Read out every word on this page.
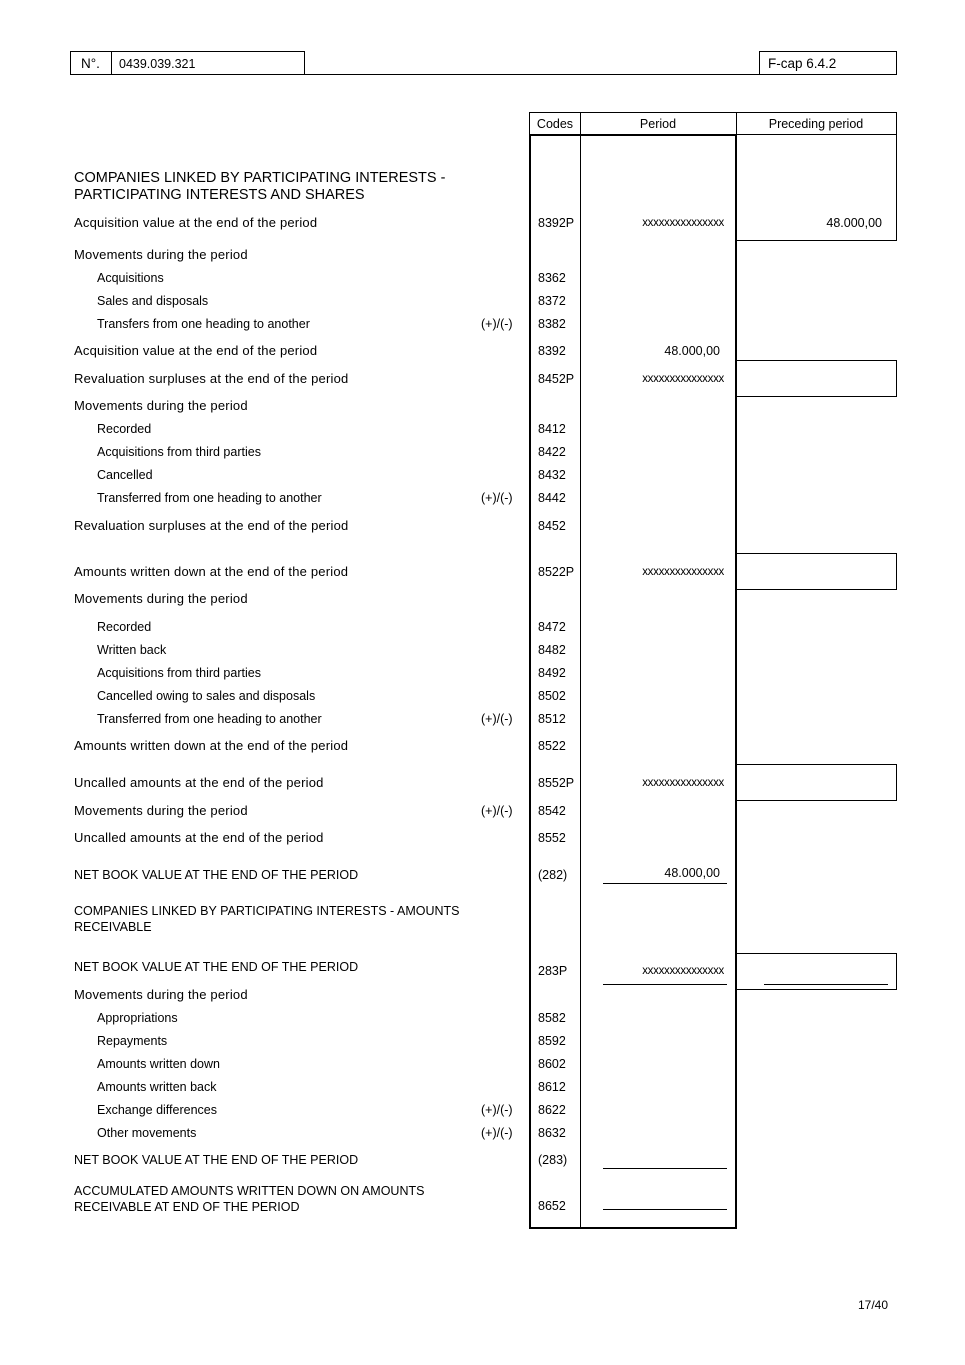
N°.	0439.039.321	F-cap 6.4.2
Codes	Period	Preceding period
COMPANIES LINKED BY PARTICIPATING INTERESTS - PARTICIPATING INTERESTS AND SHARES
Acquisition value at the end of the period	8392P	xxxxxxxxxxxxxxx	48.000,00
Movements during the period
Acquisitions	8362
Sales and disposals	8372
Transfers from one heading to another	(+)/(-) 8382
Acquisition value at the end of the period	8392	48.000,00
Revaluation surpluses at the end of the period	8452P	xxxxxxxxxxxxxxx
Movements during the period
Recorded	8412
Acquisitions from third parties	8422
Cancelled	8432
Transferred from one heading to another	(+)/(-) 8442
Revaluation surpluses at the end of the period	8452
Amounts written down at the end of the period	8522P	xxxxxxxxxxxxxxx
Movements during the period
Recorded	8472
Written back	8482
Acquisitions from third parties	8492
Cancelled owing to sales and disposals	8502
Transferred from one heading to another	(+)/(-) 8512
Amounts written down at the end of the period	8522
Uncalled amounts at the end of the period	8552P	xxxxxxxxxxxxxxx
Movements during the period	(+)/(-) 8542
Uncalled amounts at the end of the period	8552
NET BOOK VALUE AT THE END OF THE PERIOD	(282)	48.000,00
COMPANIES LINKED BY PARTICIPATING INTERESTS - AMOUNTS RECEIVABLE
NET BOOK VALUE AT THE END OF THE PERIOD	283P	xxxxxxxxxxxxxxx
Movements during the period
Appropriations	8582
Repayments	8592
Amounts written down	8602
Amounts written back	8612
Exchange differences	(+)/(-) 8622
Other movements	(+)/(-) 8632
NET BOOK VALUE AT THE END OF THE PERIOD	(283)
ACCUMULATED AMOUNTS WRITTEN DOWN ON AMOUNTS RECEIVABLE AT END OF THE PERIOD	8652
17/40
